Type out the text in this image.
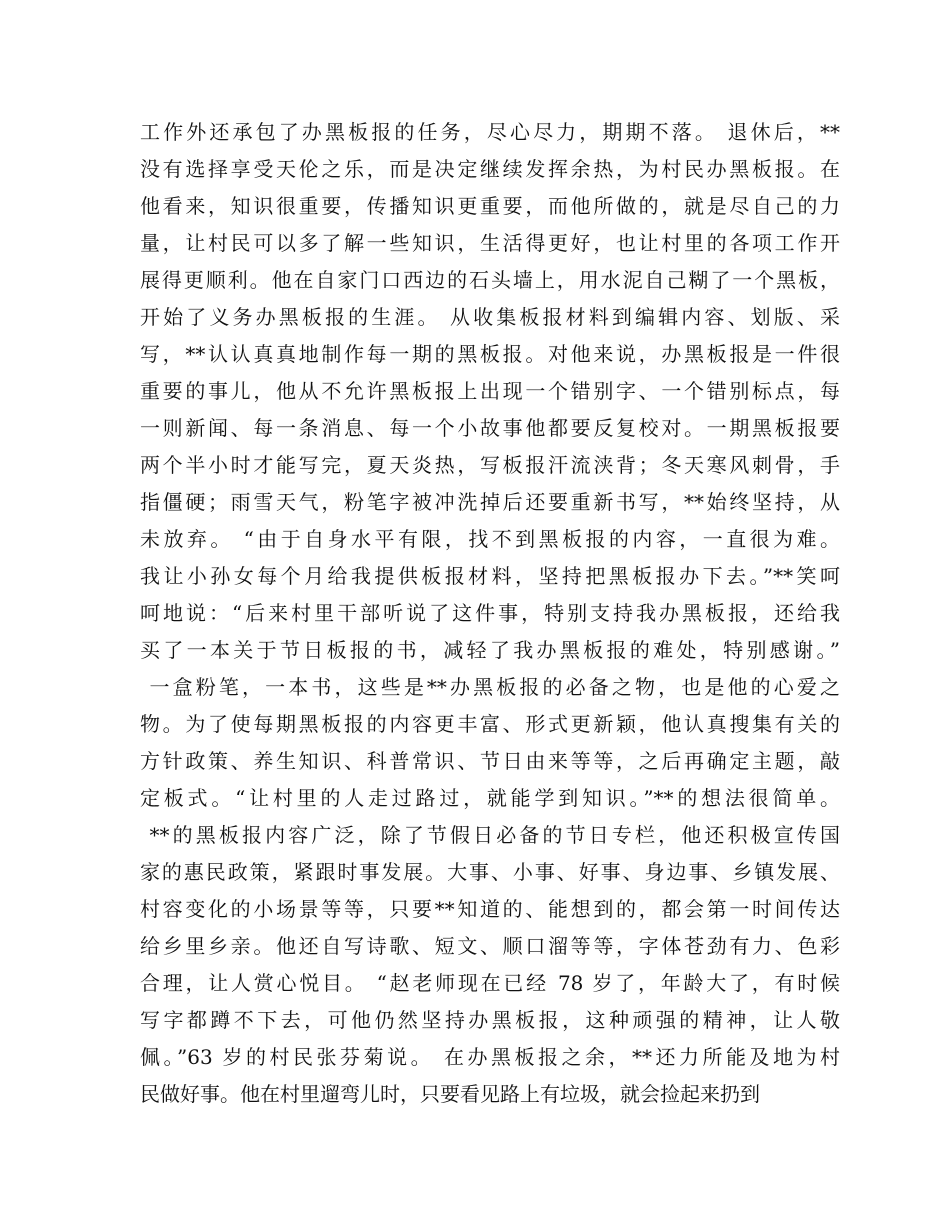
工作外还承包了办黑板报的任务，尽心尽力，期期不落。 退休后，**
没有选择享受天伦之乐，而是决定继续发挥余热，为村民办黑板报。在
他看来，知识很重要，传播知识更重要，而他所做的，就是尽自己的力
量，让村民可以多了解一些知识，生活得更好，也让村里的各项工作开
展得更顺利。他在自家门口西边的石头墙上，用水泥自己糊了一个黑板，
开始了义务办黑板报的生涯。 从收集板报材料到编辑内容、划版、采
写，**认认真真地制作每一期的黑板报。对他来说，办黑板报是一件很
重要的事儿，他从不允许黑板报上出现一个错别字、一个错别标点，每
一则新闻、每一条消息、每一个小故事他都要反复校对。一期黑板报要
两个半小时才能写完，夏天炎热，写板报汗流浃背；冬天寒风刺骨，手
指僵硬；雨雪天气，粉笔字被冲洗掉后还要重新书写，**始终坚持，从
未放弃。 “由于自身水平有限，找不到黑板报的内容，一直很为难。
我让小孙女每个月给我提供板报材料，坚持把黑板报办下去。”**笑呵
呵地说：“后来村里干部听说了这件事，特别支持我办黑板报，还给我
买了一本关于节日板报的书，减轻了我办黑板报的难处，特别感谢。”
一盒粉笔，一本书，这些是**办黑板报的必备之物，也是他的心爱之
物。为了使每期黑板报的内容更丰富、形式更新颖，他认真搜集有关的
方针政策、养生知识、科普常识、节日由来等等，之后再确定主题，敲
定板式。“让村里的人走过路过，就能学到知识。”**的想法很简单。
**的黑板报内容广泛，除了节假日必备的节日专栏，他还积极宣传国
家的惠民政策，紧跟时事发展。大事、小事、好事、身边事、乡镇发展、
村容变化的小场景等等，只要**知道的、能想到的，都会第一时间传达
给乡里乡亲。他还自写诗歌、短文、顺口溜等等，字体苍劲有力、色彩
合理，让人赏心悦目。 “赵老师现在已经 78 岁了，年龄大了，有时候
写字都蹲不下去，可他仍然坚持办黑板报，这种顽强的精神，让人敬
佩。”63 岁的村民张芬菊说。 在办黑板报之余，**还力所能及地为村
民做好事。他在村里遛弯儿时，只要看见路上有垃圾，就会捡起来扔到
